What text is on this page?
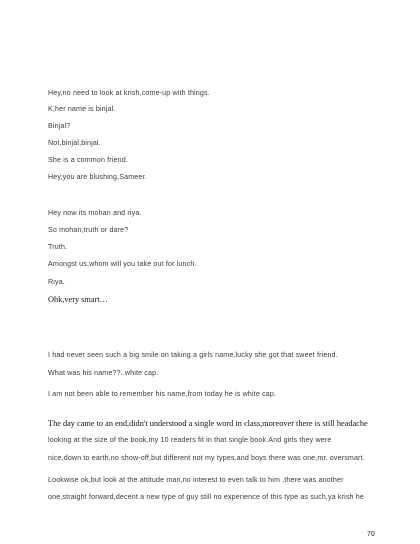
Hey,no need to look at krish,come-up with things.
K,her name is binjal.
Binjal?
Not,binjal,binjal.
She is a common friend.
Hey,you are blushing,Sameer.
Hey now its mohan and riya.
So mohan,truth or dare?
Truth.
Amongst us,whom will you take out for lunch.
Riya.
Ohk,very smart…
I had never seen such a big smile on taking a girls name,lucky she got that sweet friend.
What was his name??..white cap.
I am not been able to remember his name,from today he is white cap.
The day came to an end,didn't understood a single word in class,moreover there is still headache
looking at the size of the book,my 10 readers fit in that single book.And girls they were
nice,down to earth,no show-off,but different not my types,and boys there was one,mr. oversmart.
Lookwise ok,but look at the attitude man,no interest to even talk to him ,there was another
one,straight forward,decent a new type of guy still no experience of this type as such,ya krish he
70
